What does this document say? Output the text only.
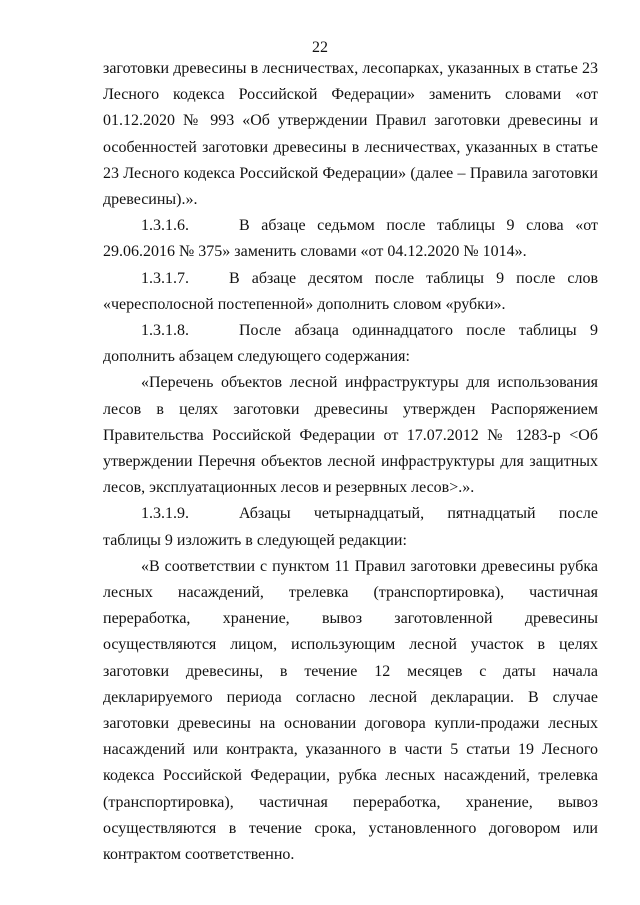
22

заготовки древесины в лесничествах, лесопарках, указанных в статье 23 Лесного кодекса Российской Федерации» заменить словами «от 01.12.2020 № 993 «Об утверждении Правил заготовки древесины и особенностей заготовки древесины в лесничествах, указанных в статье 23 Лесного кодекса Российской Федерации» (далее – Правила заготовки древесины).».

1.3.1.6.	В абзаце седьмом после таблицы 9 слова «от 29.06.2016 № 375» заменить словами «от 04.12.2020 № 1014».

1.3.1.7.	В абзаце десятом после таблицы 9 после слов «чересполосной постепенной» дополнить словом «рубки».

1.3.1.8.	После абзаца одиннадцатого после таблицы 9 дополнить абзацем следующего содержания:

«Перечень объектов лесной инфраструктуры для использования лесов в целях заготовки древесины утвержден Распоряжением Правительства Российской Федерации от 17.07.2012 № 1283-р <Об утверждении Перечня объектов лесной инфраструктуры для защитных лесов, эксплуатационных лесов и резервных лесов>.».

1.3.1.9.	Абзацы четырнадцатый, пятнадцатый после таблицы 9 изложить в следующей редакции:

«В соответствии с пунктом 11 Правил заготовки древесины рубка лесных насаждений, трелевка (транспортировка), частичная переработка, хранение, вывоз заготовленной древесины осуществляются лицом, использующим лесной участок в целях заготовки древесины, в течение 12 месяцев с даты начала декларируемого периода согласно лесной декларации. В случае заготовки древесины на основании договора купли-продажи лесных насаждений или контракта, указанного в части 5 статьи 19 Лесного кодекса Российской Федерации, рубка лесных насаждений, трелевка (транспортировка), частичная переработка, хранение, вывоз осуществляются в течение срока, установленного договором или контрактом соответственно.
